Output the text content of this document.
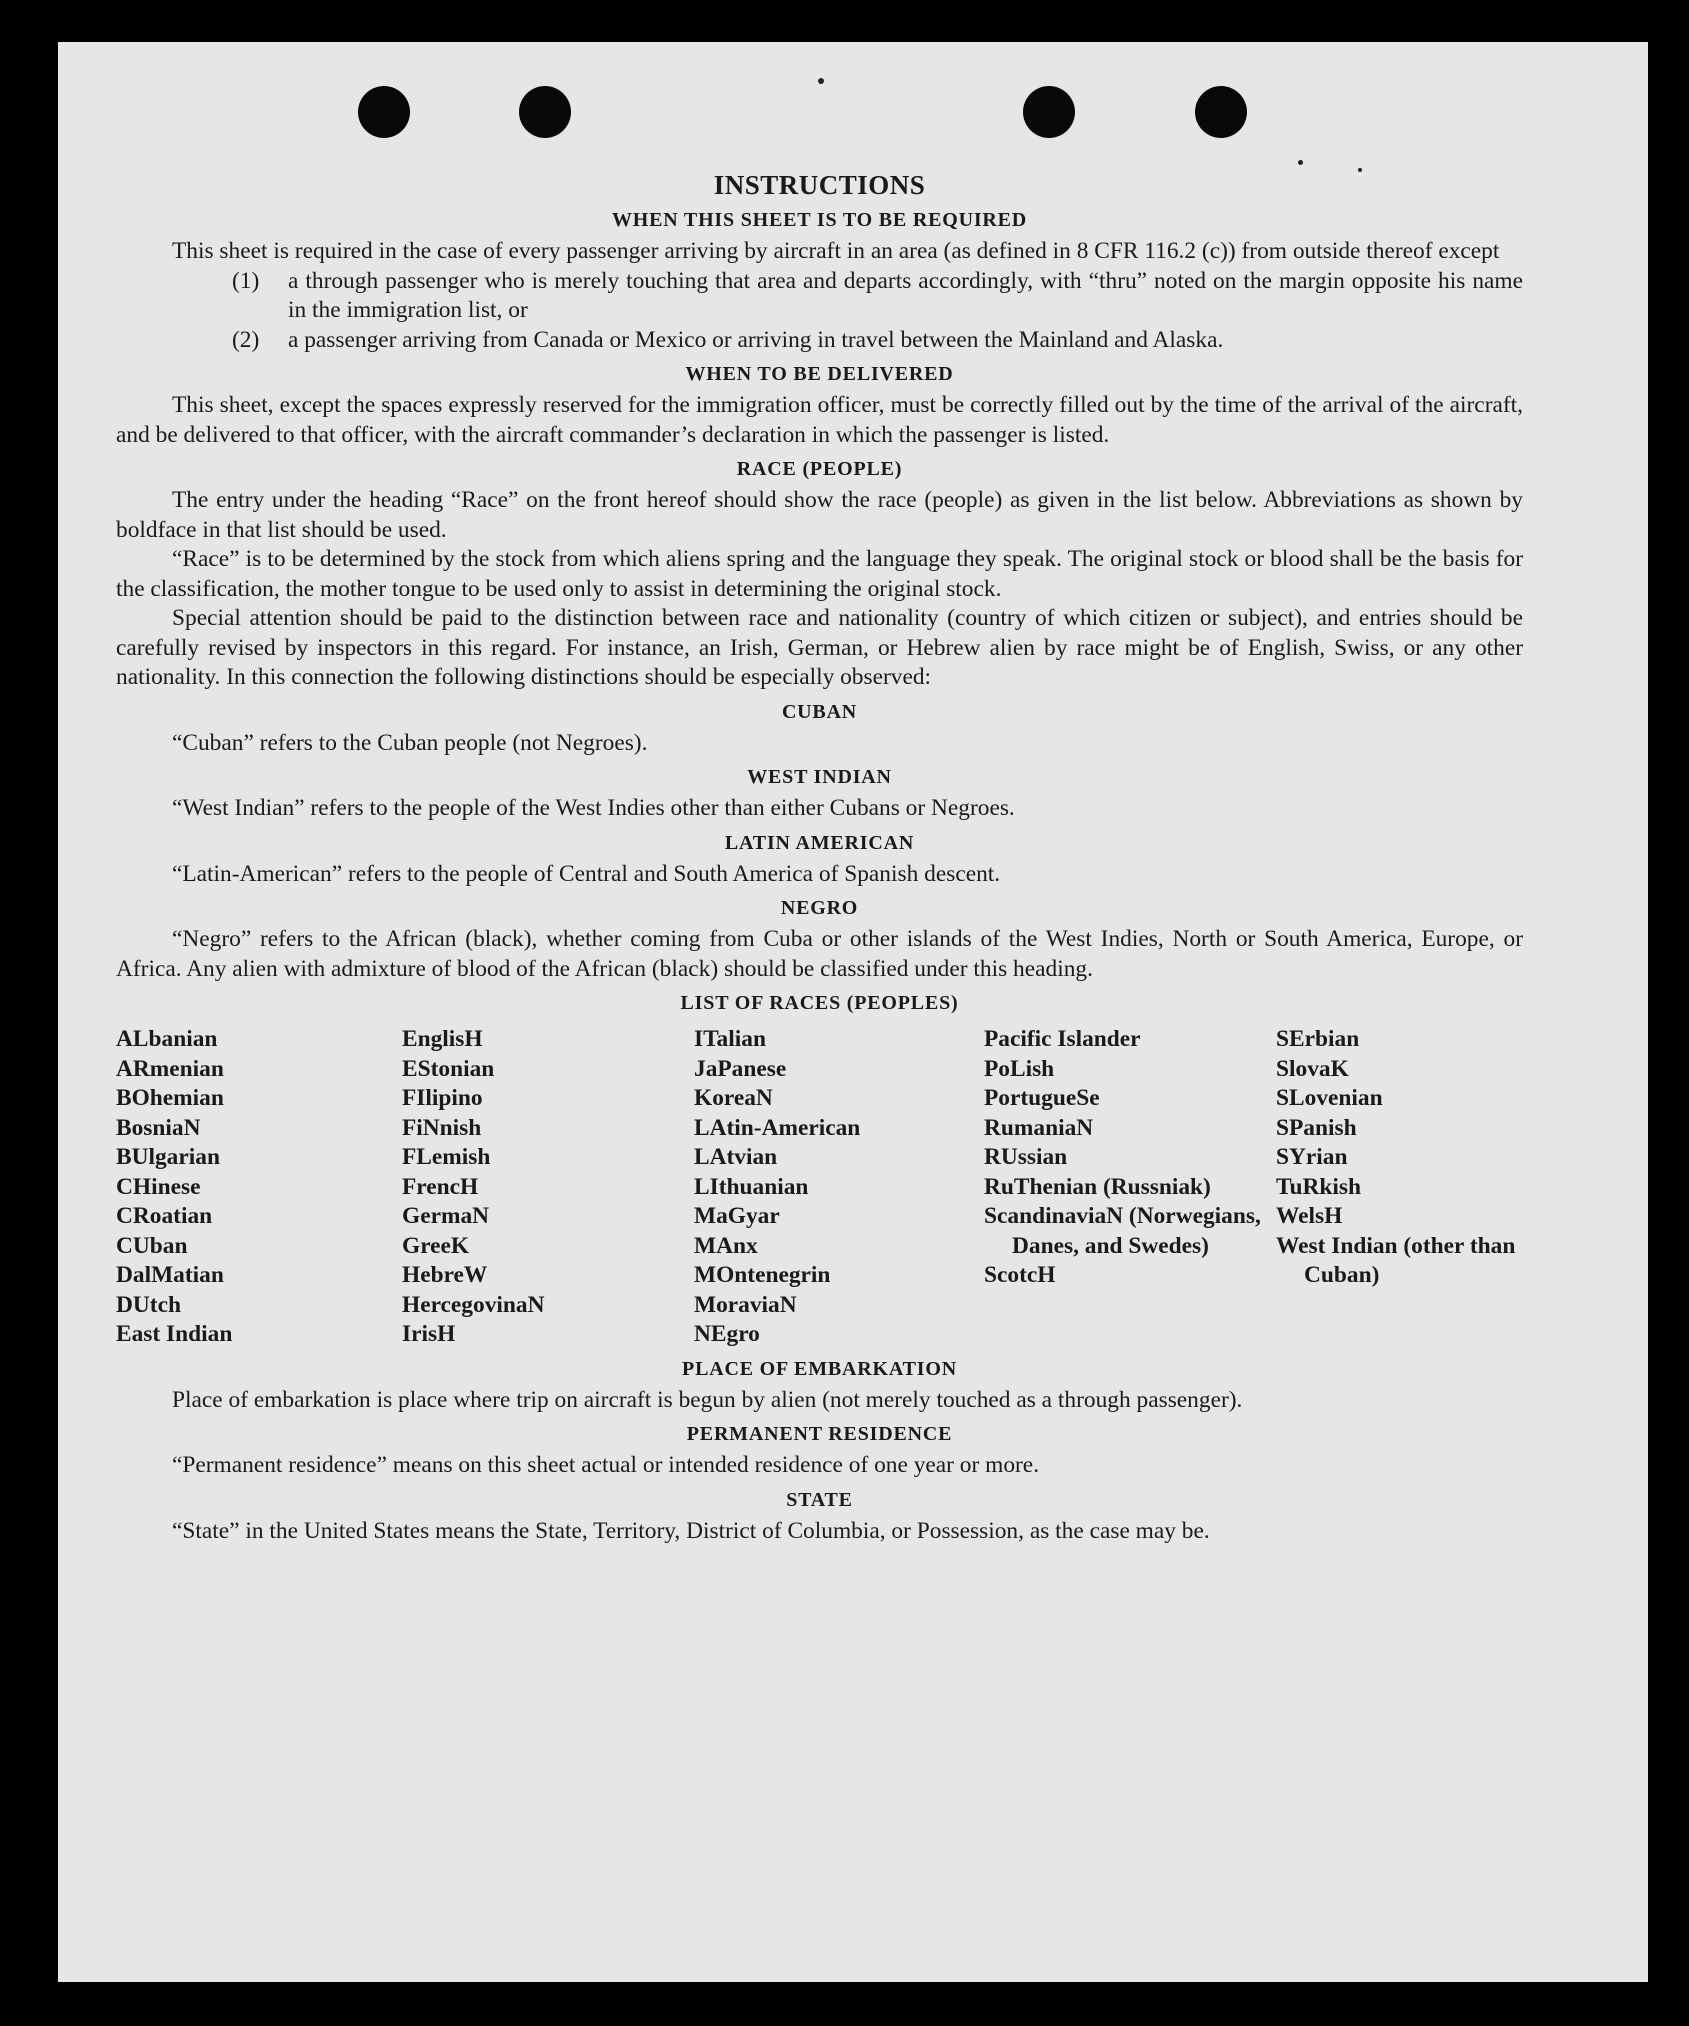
INSTRUCTIONS
WHEN THIS SHEET IS TO BE REQUIRED

This sheet is required in the case of every passenger arriving by aircraft in an area (as defined in 8 CFR 116.2 (c)) from outside thereof except

(1)	a through passenger who is merely touching that area and departs accordingly, with “thru” noted on the margin opposite his name in the immigration list, or
(2)	a passenger arriving from Canada or Mexico or arriving in travel between the Mainland and Alaska.
WHEN TO BE DELIVERED

This sheet, except the spaces expressly reserved for the immigration officer, must be correctly filled out by the time of the arrival of the aircraft, and be delivered to that officer, with the aircraft commander’s declaration in which the passenger is listed.

RACE (PEOPLE)

The entry under the heading “Race” on the front hereof should show the race (people) as given in the list below. Abbreviations as shown by boldface in that list should be used.

“Race” is to be determined by the stock from which aliens spring and the language they speak. The original stock or blood shall be the basis for the classification, the mother tongue to be used only to assist in determining the original stock.

Special attention should be paid to the distinction between race and nationality (country of which citizen or subject), and entries should be carefully revised by inspectors in this regard. For instance, an Irish, German, or Hebrew alien by race might be of English, Swiss, or any other nationality. In this connection the following distinctions should be especially observed:

CUBAN

“Cuban” refers to the Cuban people (not Negroes).

WEST INDIAN

“West Indian” refers to the people of the West Indies other than either Cubans or Negroes.

LATIN AMERICAN

“Latin-American” refers to the people of Central and South America of Spanish descent.

NEGRO

“Negro” refers to the African (black), whether coming from Cuba or other islands of the West Indies, North or South America, Europe, or Africa. Any alien with admixture of blood of the African (black) should be classified under this heading.

LIST OF RACES (PEOPLES)
ALbanian
ARmenian
BOhemian
BosniaN
BUlgarian
CHinese
CRoatian
CUban
DalMatian
DUtch
East Indian
EnglisH
EStonian
FIlipino
FiNnish
FLemish
FrencH
GermaN
GreeK
HebreW
HercegovinaN
IrisH
ITalian
JaPanese
KoreaN
LAtin-American
LAtvian
LIthuanian
MaGyar
MAnx
MOntenegrin
MoraviaN
NEgro
Pacific Islander
PoLish
PortugueSe
RumaniaN
RUssian
RuThenian (Russniak)
ScandinaviaN (Norwegians, Danes, and Swedes)
ScotcH
SErbian
SlovaK
SLovenian
SPanish
SYrian
TuRkish
WelsH
West Indian (other than Cuban)
PLACE OF EMBARKATION

Place of embarkation is place where trip on aircraft is begun by alien (not merely touched as a through passenger).

PERMANENT RESIDENCE

“Permanent residence” means on this sheet actual or intended residence of one year or more.

STATE

“State” in the United States means the State, Territory, District of Columbia, or Possession, as the case may be.
